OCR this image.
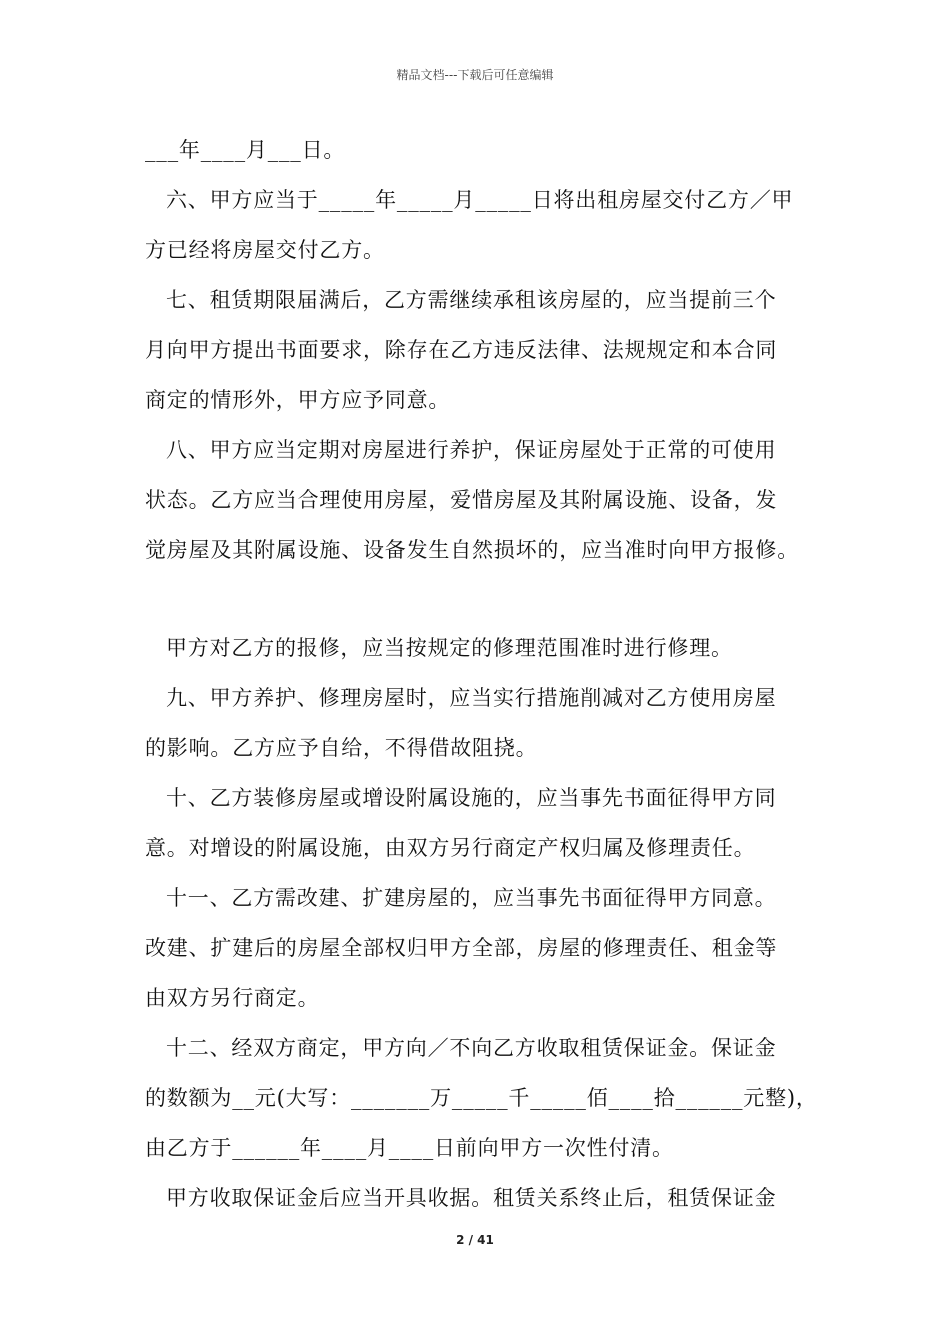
精品文档---下载后可任意编辑
___年____月___日。
六、甲方应当于_____年_____月_____日将出租房屋交付乙方／甲
方已经将房屋交付乙方。
七、租赁期限届满后，乙方需继续承租该房屋的，应当提前三个
月向甲方提出书面要求，除存在乙方违反法律、法规规定和本合同
商定的情形外，甲方应予同意。
八、甲方应当定期对房屋进行养护，保证房屋处于正常的可使用
状态。乙方应当合理使用房屋，爱惜房屋及其附属设施、设备，发
觉房屋及其附属设施、设备发生自然损坏的，应当准时向甲方报修。
甲方对乙方的报修，应当按规定的修理范围准时进行修理。
九、甲方养护、修理房屋时，应当实行措施削减对乙方使用房屋
的影响。乙方应予自给，不得借故阻挠。
十、乙方装修房屋或增设附属设施的，应当事先书面征得甲方同
意。对增设的附属设施，由双方另行商定产权归属及修理责任。
十一、乙方需改建、扩建房屋的，应当事先书面征得甲方同意。
改建、扩建后的房屋全部权归甲方全部，房屋的修理责任、租金等
由双方另行商定。
十二、经双方商定，甲方向／不向乙方收取租赁保证金。保证金
的数额为__元(大写：_______万_____千_____佰____拾______元整)，
由乙方于______年____月____日前向甲方一次性付清。
甲方收取保证金后应当开具收据。租赁关系终止后，租赁保证金
2 / 41
